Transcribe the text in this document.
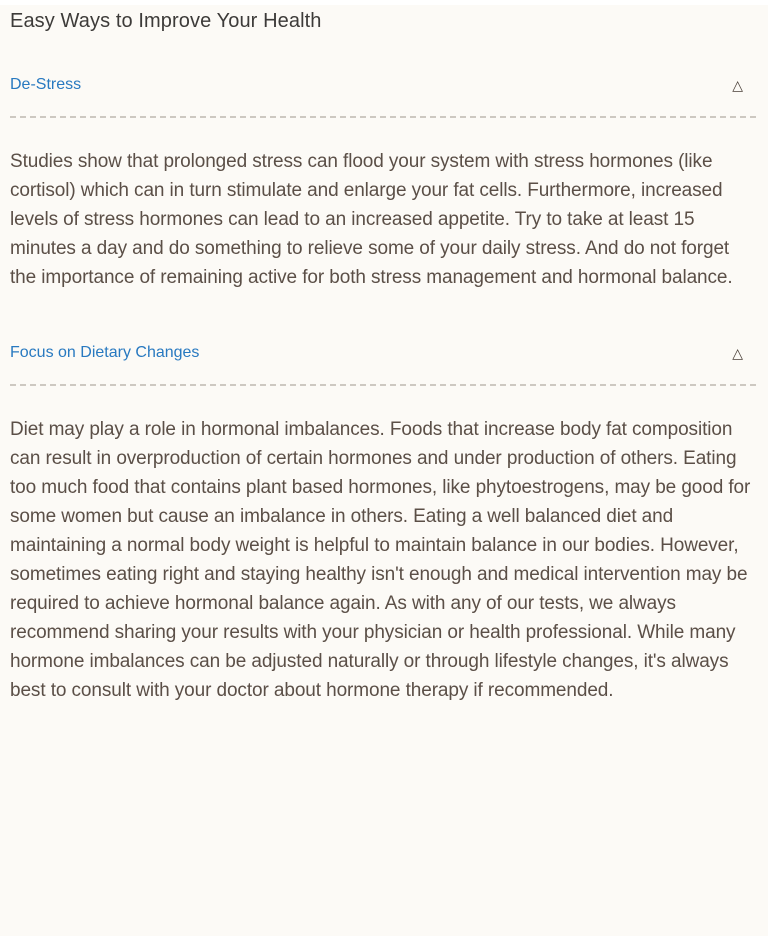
Easy Ways to Improve Your Health
De-Stress	△

Studies show that prolonged stress can flood your system with stress hormones (like cortisol) which can in turn stimulate and enlarge your fat cells. Furthermore, increased levels of stress hormones can lead to an increased appetite. Try to take at least 15 minutes a day and do something to relieve some of your daily stress. And do not forget the importance of remaining active for both stress management and hormonal balance.

Focus on Dietary Changes	△

Diet may play a role in hormonal imbalances. Foods that increase body fat composition can result in overproduction of certain hormones and under production of others. Eating too much food that contains plant based hormones, like phytoestrogens, may be good for some women but cause an imbalance in others. Eating a well balanced diet and maintaining a normal body weight is helpful to maintain balance in our bodies. However, sometimes eating right and staying healthy isn't enough and medical intervention may be required to achieve hormonal balance again. As with any of our tests, we always recommend sharing your results with your physician or health professional. While many hormone imbalances can be adjusted naturally or through lifestyle changes, it's always best to consult with your doctor about hormone therapy if recommended.
